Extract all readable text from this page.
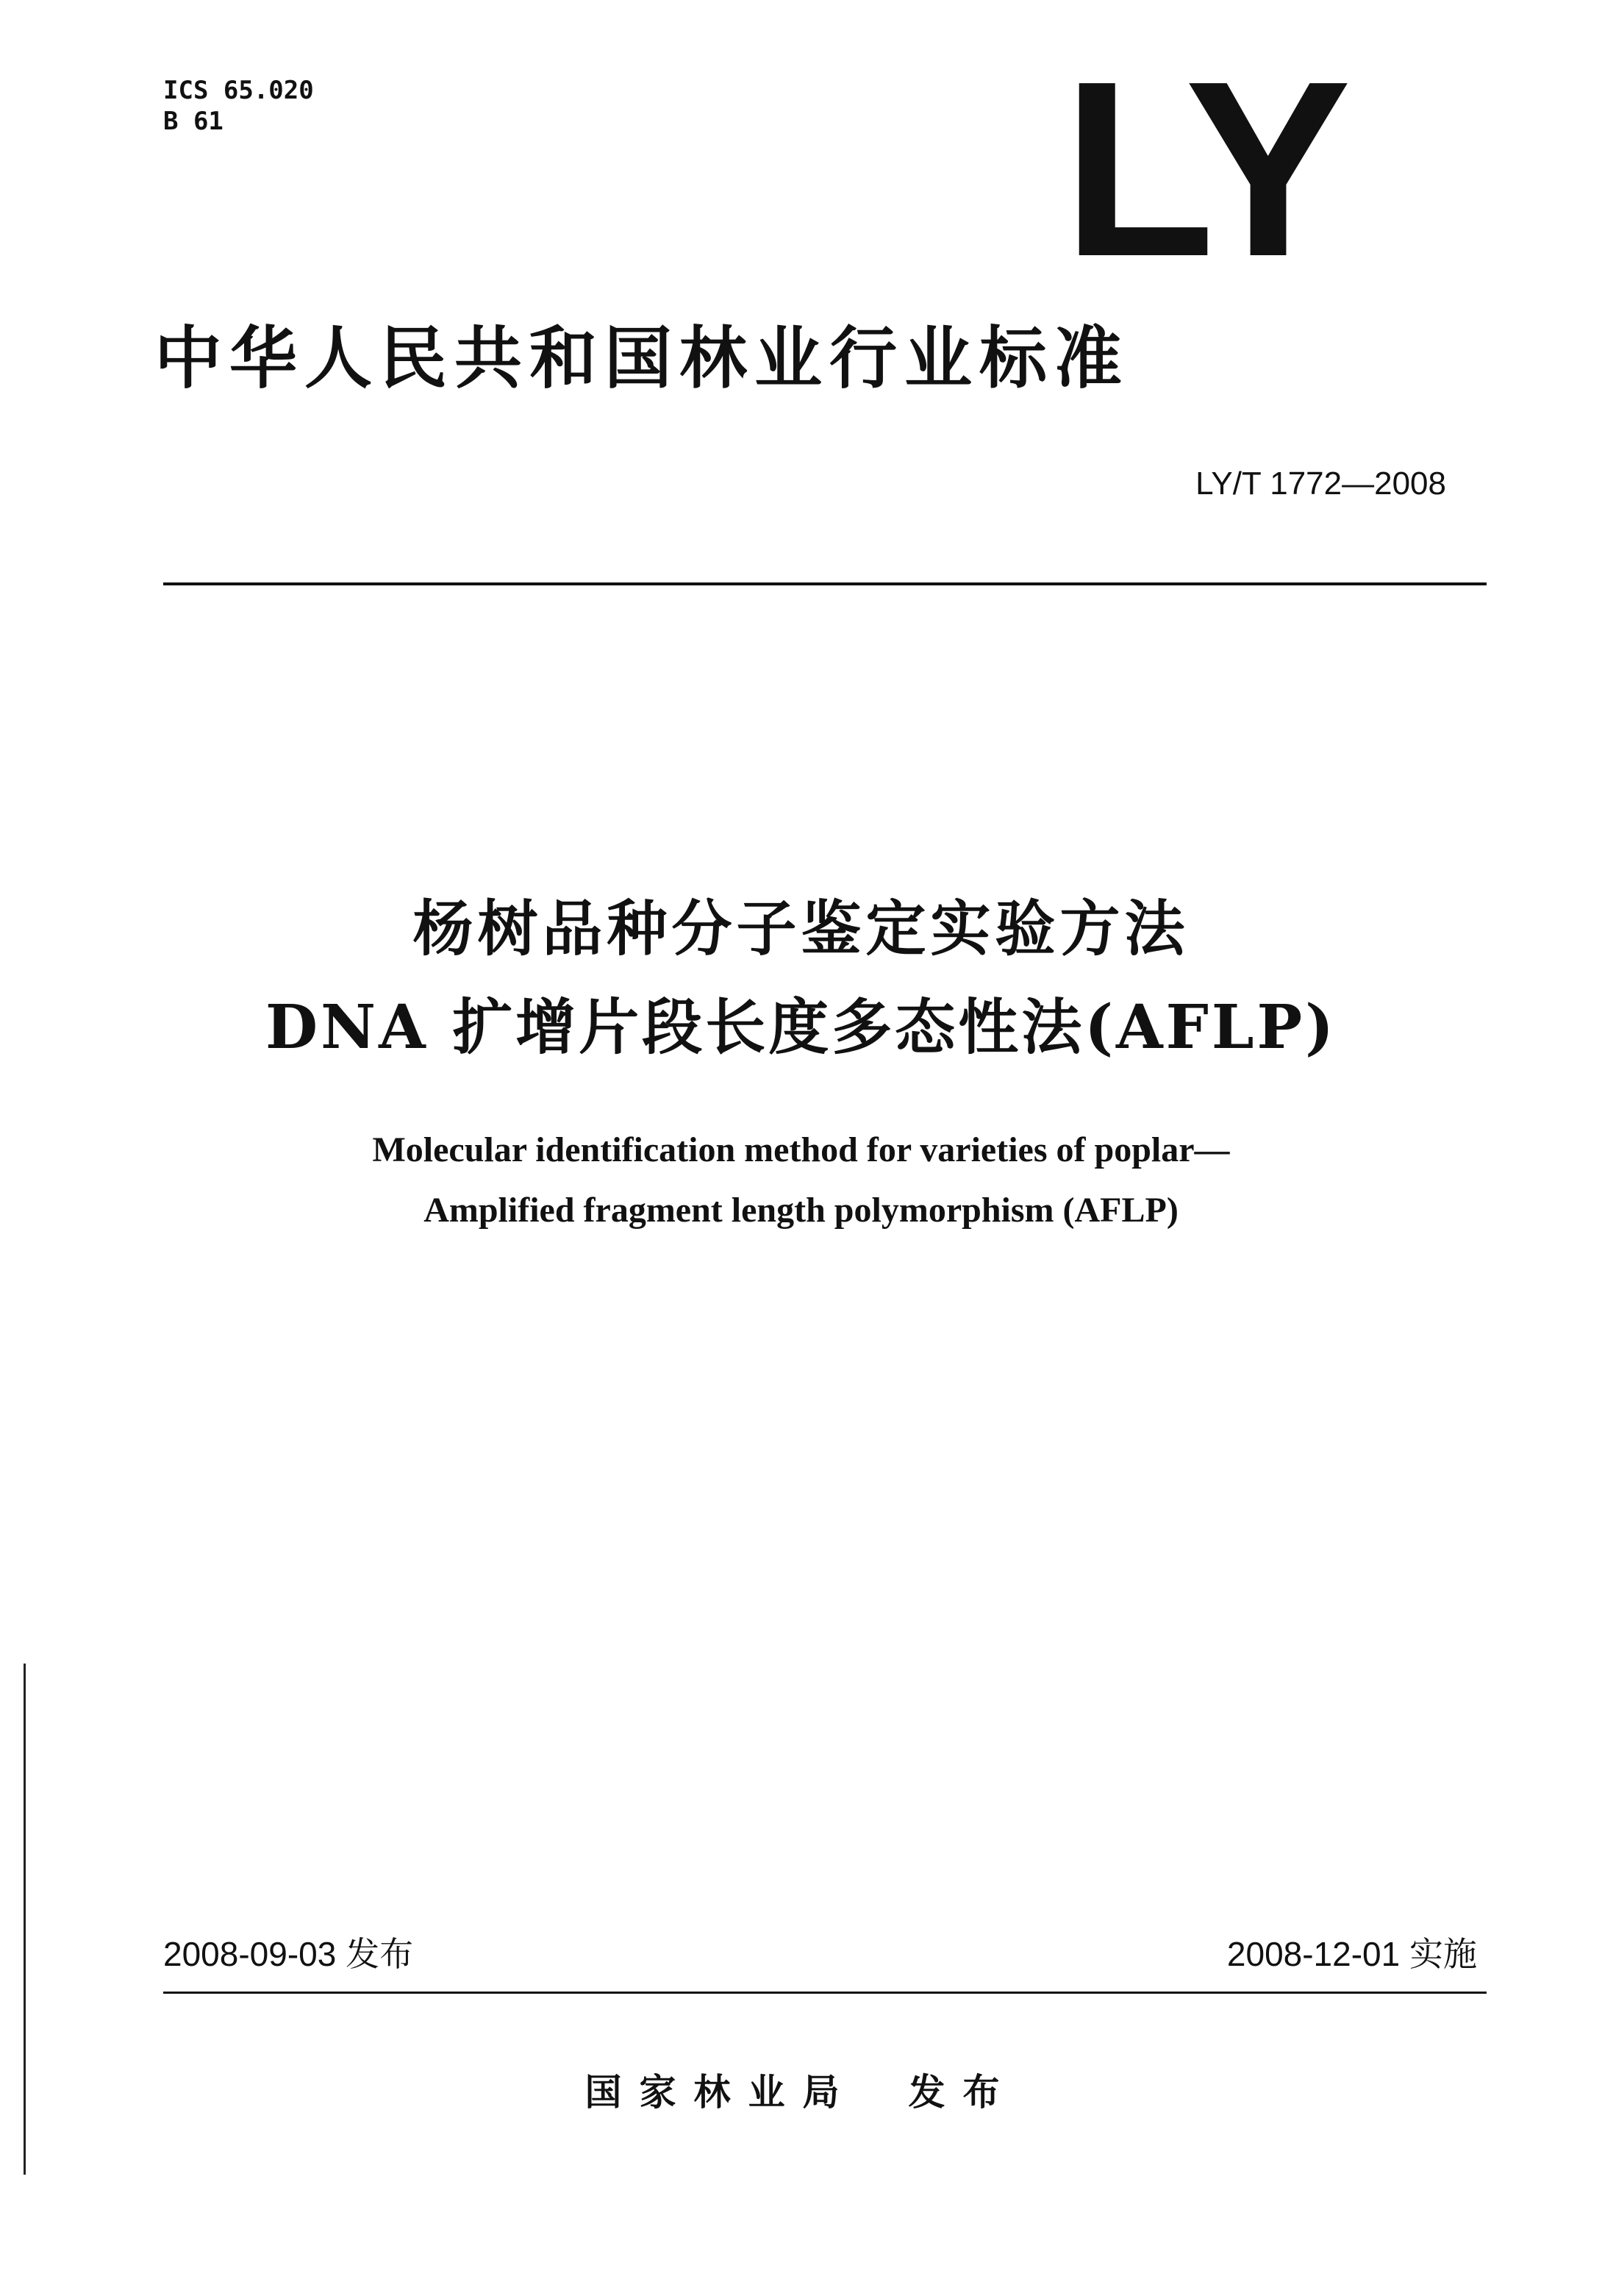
ICS 65.020
B 61	LY
中华人民共和国林业行业标准
LY/T 1772—2008
杨树品种分子鉴定实验方法
DNA 扩增片段长度多态性法(AFLP)
Molecular identification method for varieties of poplar—
Amplified fragment length polymorphism (AFLP)
2008-09-03 发布	2008-12-01 实施
国家林业局 发布
